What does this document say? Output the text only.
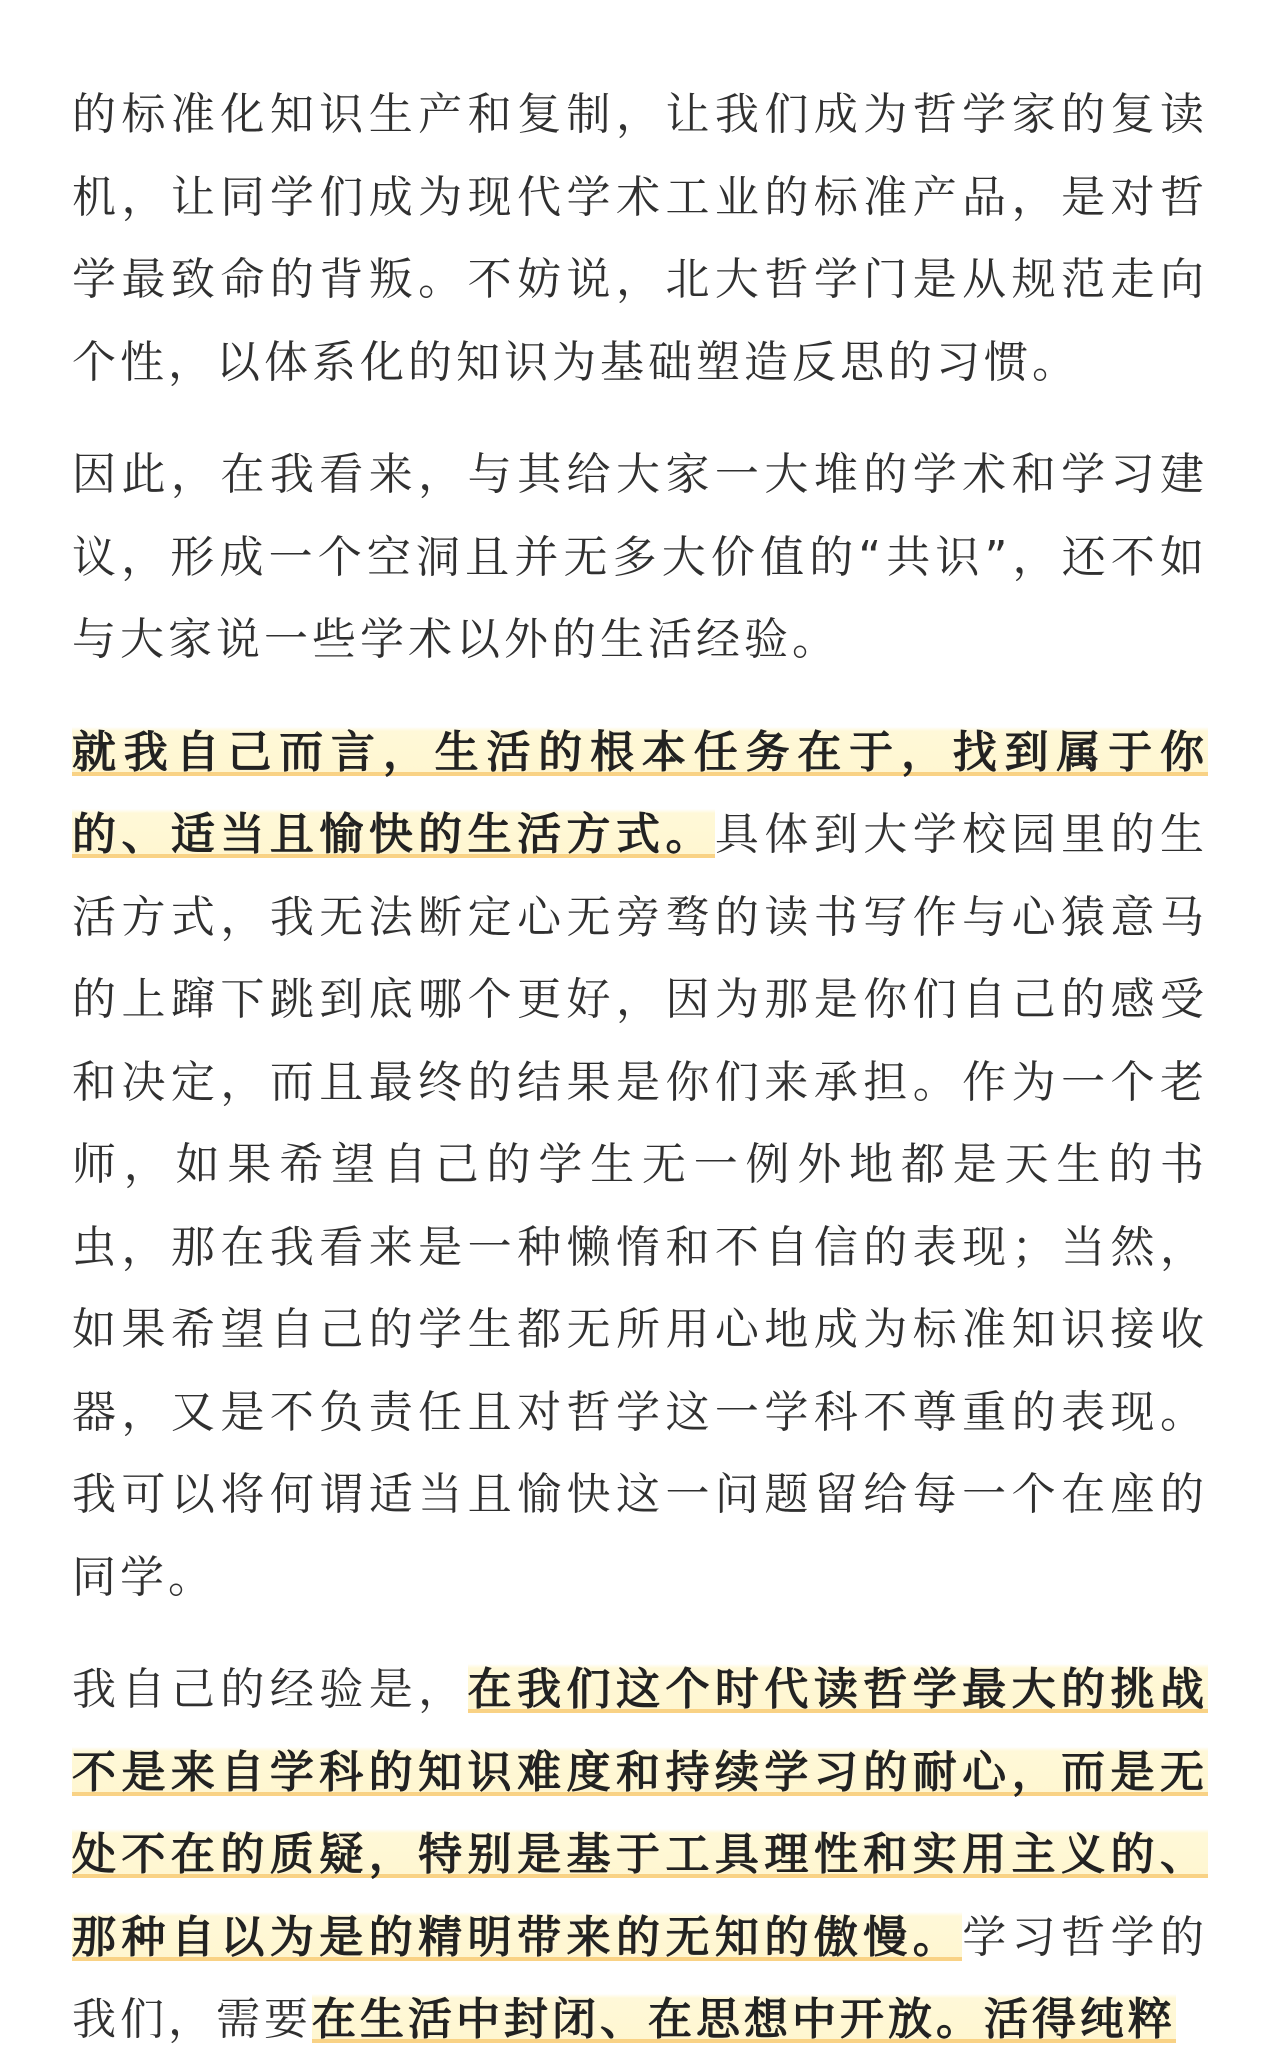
的标准化知识生产和复制，让我们成为哲学家的复读机，让同学们成为现代学术工业的标准产品，是对哲学最致命的背叛。不妨说，北大哲学门是从规范走向个性，以体系化的知识为基础塑造反思的习惯。

因此，在我看来，与其给大家一大堆的学术和学习建议，形成一个空洞且并无多大价值的“共识”，还不如与大家说一些学术以外的生活经验。

就我自己而言，生活的根本任务在于，找到属于你的、适当且愉快的生活方式。具体到大学校园里的生活方式，我无法断定心无旁骛的读书写作与心猿意马的上蹿下跳到底哪个更好，因为那是你们自己的感受和决定，而且最终的结果是你们来承担。作为一个老师，如果希望自己的学生无一例外地都是天生的书虫，那在我看来是一种懒惰和不自信的表现；当然，如果希望自己的学生都无所用心地成为标准知识接收器，又是不负责任且对哲学这一学科不尊重的表现。我可以将何谓适当且愉快这一问题留给每一个在座的同学。

我自己的经验是，在我们这个时代读哲学最大的挑战不是来自学科的知识难度和持续学习的耐心，而是无处不在的质疑，特别是基于工具理性和实用主义的、那种自以为是的精明带来的无知的傲慢。学习哲学的我们，需要在生活中封闭、在思想中开放。活得纯粹
